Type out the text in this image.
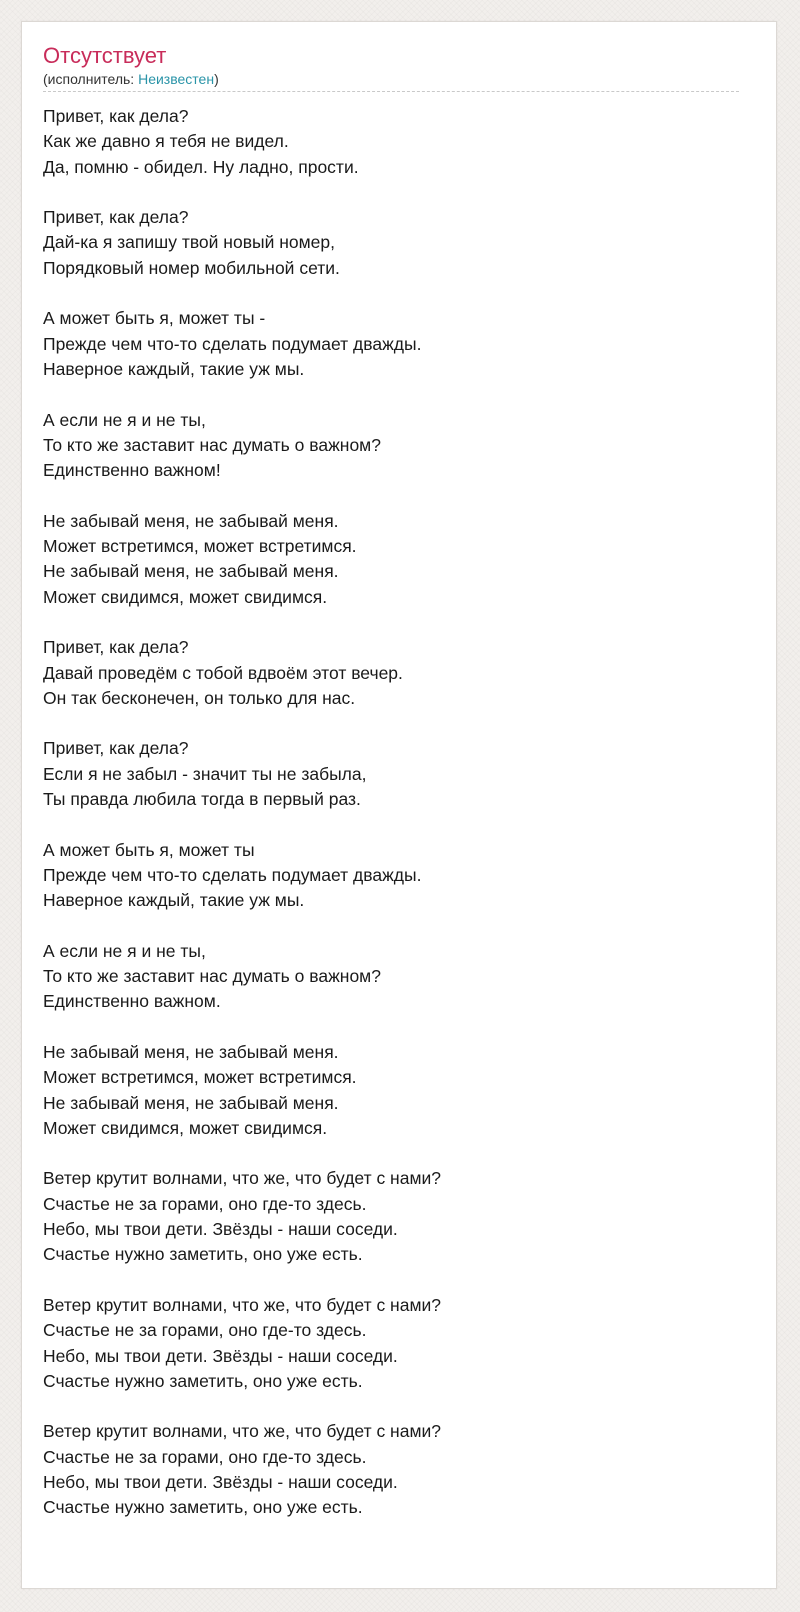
Отсутствует
(исполнитель: Неизвестен)
Привет, как дела?
Как же давно я тебя не видел.
Да, помню - обидел. Ну ладно, прости.
Привет, как дела?
Дай-ка я запишу твой новый номер,
Порядковый номер мобильной сети.
А может быть я, может ты -
Прежде чем что-то сделать подумает дважды.
Наверное каждый, такие уж мы.
А если не я и не ты,
То кто же заставит нас думать о важном?
Единственно важном!
Не забывай меня, не забывай меня.
Может встретимся, может встретимся.
Не забывай меня, не забывай меня.
Может свидимся, может свидимся.
Привет, как дела?
Давай проведём с тобой вдвоём этот вечер.
Он так бесконечен, он только для нас.
Привет, как дела?
Если я не забыл - значит ты не забыла,
Ты правда любила тогда в первый раз.
А может быть я, может ты
Прежде чем что-то сделать подумает дважды.
Наверное каждый, такие уж мы.
А если не я и не ты,
То кто же заставит нас думать о важном?
Единственно важном.
Не забывай меня, не забывай меня.
Может встретимся, может встретимся.
Не забывай меня, не забывай меня.
Может свидимся, может свидимся.
Ветер крутит волнами, что же, что будет с нами?
Счастье не за горами, оно где-то здесь.
Небо, мы твои дети. Звёзды - наши соседи.
Счастье нужно заметить, оно уже есть.
Ветер крутит волнами, что же, что будет с нами?
Счастье не за горами, оно где-то здесь.
Небо, мы твои дети. Звёзды - наши соседи.
Счастье нужно заметить, оно уже есть.
Ветер крутит волнами, что же, что будет с нами?
Счастье не за горами, оно где-то здесь.
Небо, мы твои дети. Звёзды - наши соседи.
Счастье нужно заметить, оно уже есть.
